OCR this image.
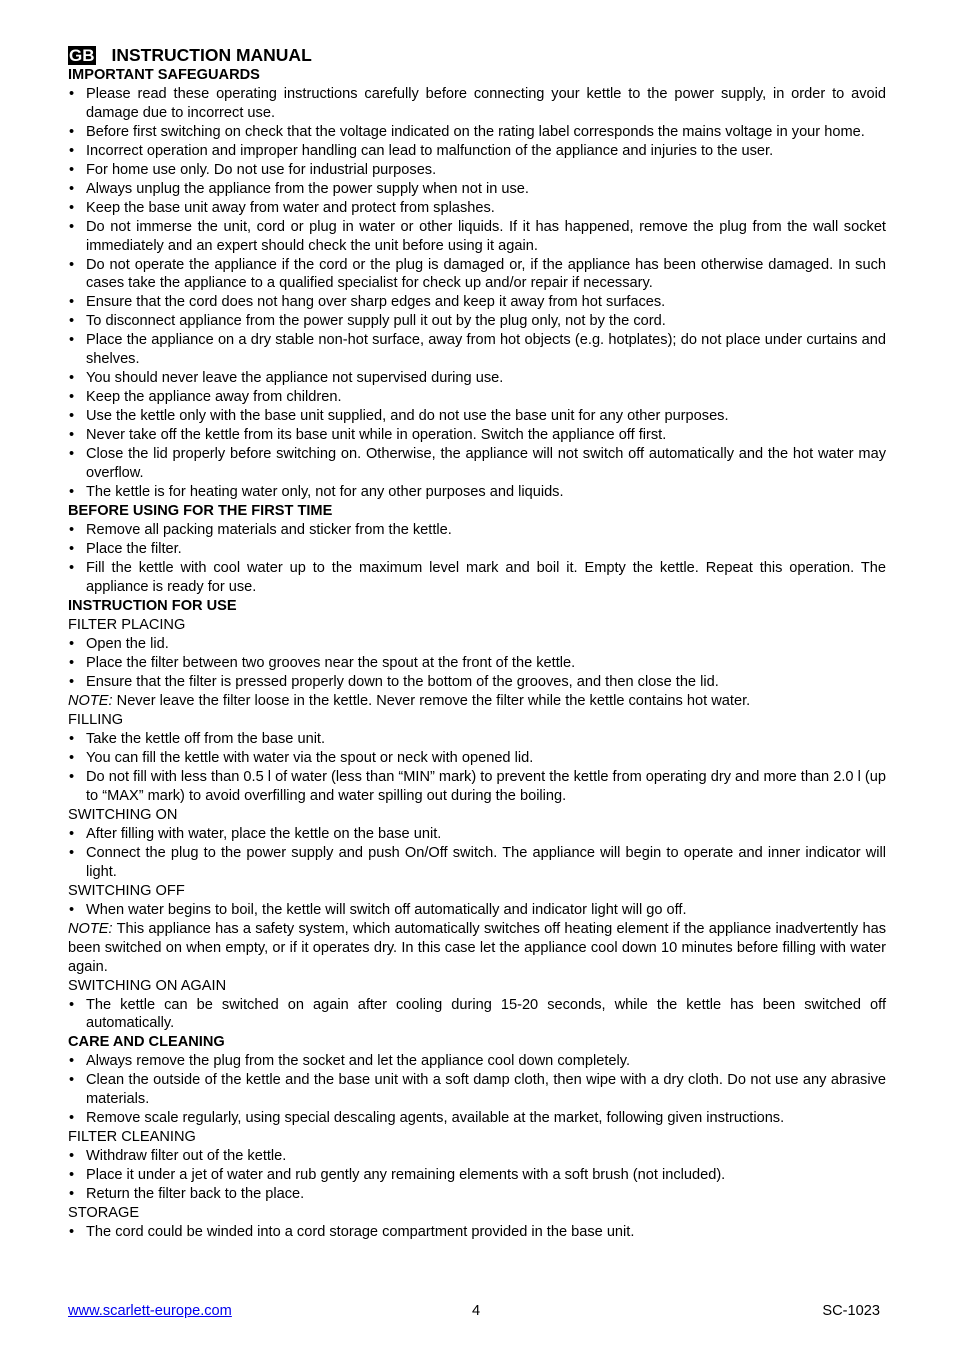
GB INSTRUCTION MANUAL
IMPORTANT SAFEGUARDS
• Please read these operating instructions carefully before connecting your kettle to the power supply, in order to avoid damage due to incorrect use.
• Before first switching on check that the voltage indicated on the rating label corresponds the mains voltage in your home.
• Incorrect operation and improper handling can lead to malfunction of the appliance and injuries to the user.
• For home use only. Do not use for industrial purposes.
• Always unplug the appliance from the power supply when not in use.
• Keep the base unit away from water and protect from splashes.
• Do not immerse the unit, cord or plug in water or other liquids. If it has happened, remove the plug from the wall socket immediately and an expert should check the unit before using it again.
• Do not operate the appliance if the cord or the plug is damaged or, if the appliance has been otherwise damaged. In such cases take the appliance to a qualified specialist for check up and/or repair if necessary.
• Ensure that the cord does not hang over sharp edges and keep it away from hot surfaces.
• To disconnect appliance from the power supply pull it out by the plug only, not by the cord.
• Place the appliance on a dry stable non-hot surface, away from hot objects (e.g. hotplates); do not place under curtains and shelves.
• You should never leave the appliance not supervised during use.
• Keep the appliance away from children.
• Use the kettle only with the base unit supplied, and do not use the base unit for any other purposes.
• Never take off the kettle from its base unit while in operation. Switch the appliance off first.
• Close the lid properly before switching on. Otherwise, the appliance will not switch off automatically and the hot water may overflow.
• The kettle is for heating water only, not for any other purposes and liquids.
BEFORE USING FOR THE FIRST TIME
• Remove all packing materials and sticker from the kettle.
• Place the filter.
• Fill the kettle with cool water up to the maximum level mark and boil it. Empty the kettle. Repeat this operation. The appliance is ready for use.
INSTRUCTION FOR USE
FILTER PLACING
• Open the lid.
• Place the filter between two grooves near the spout at the front of the kettle.
• Ensure that the filter is pressed properly down to the bottom of the grooves, and then close the lid.
NOTE: Never leave the filter loose in the kettle. Never remove the filter while the kettle contains hot water.
FILLING
• Take the kettle off from the base unit.
• You can fill the kettle with water via the spout or neck with opened lid.
• Do not fill with less than 0.5 l of water (less than “MIN” mark) to prevent the kettle from operating dry and more than 2.0 l (up to “MAX” mark) to avoid overfilling and water spilling out during the boiling.
SWITCHING ON
• After filling with water, place the kettle on the base unit.
• Connect the plug to the power supply and push On/Off switch. The appliance will begin to operate and inner indicator will light.
SWITCHING OFF
• When water begins to boil, the kettle will switch off automatically and indicator light will go off.
NOTE: This appliance has a safety system, which automatically switches off heating element if the appliance inadvertently has been switched on when empty, or if it operates dry. In this case let the appliance cool down 10 minutes before filling with water again.
SWITCHING ON AGAIN
• The kettle can be switched on again after cooling during 15-20 seconds, while the kettle has been switched off automatically.
CARE AND CLEANING
• Always remove the plug from the socket and let the appliance cool down completely.
• Clean the outside of the kettle and the base unit with a soft damp cloth, then wipe with a dry cloth. Do not use any abrasive materials.
• Remove scale regularly, using special descaling agents, available at the market, following given instructions.
FILTER CLEANING
• Withdraw filter out of the kettle.
• Place it under a jet of water and rub gently any remaining elements with a soft brush (not included).
• Return the filter back to the place.
STORAGE
• The cord could be winded into a cord storage compartment provided in the base unit.
www.scarlett-europe.com	4	SC-1023
